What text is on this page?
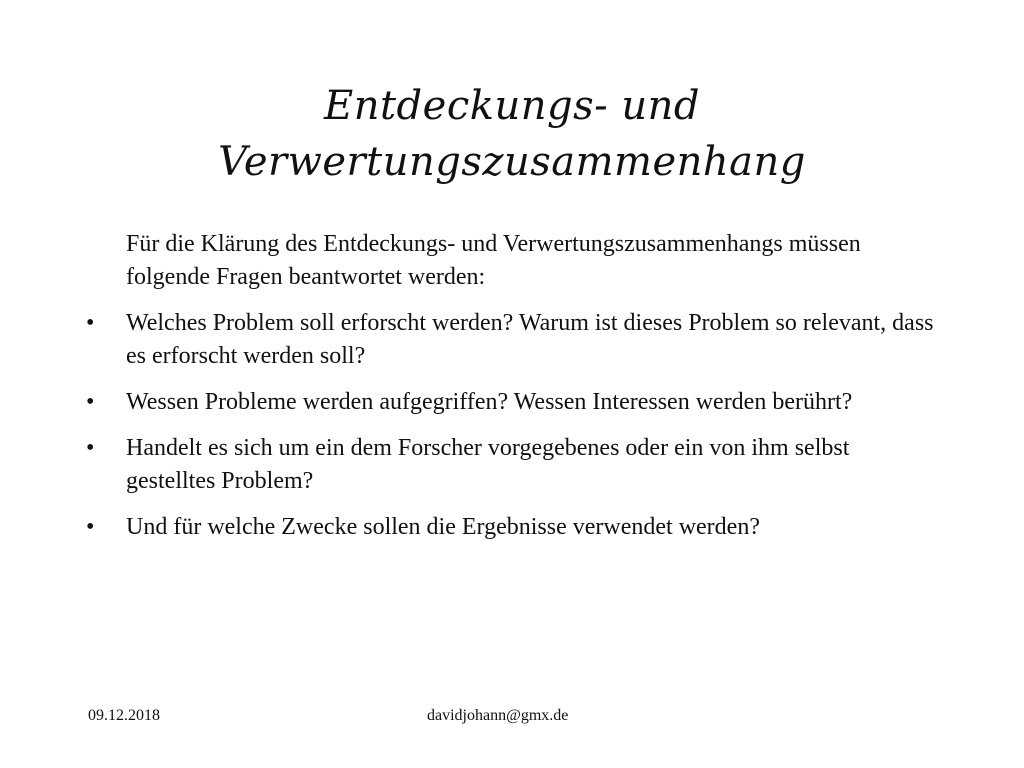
Entdeckungs- und
Verwertungszusammenhang
Für die Klärung des Entdeckungs- und Verwertungszusammenhangs müssen folgende Fragen beantwortet werden:
• Welches Problem soll erforscht werden? Warum ist dieses Problem so relevant, dass es erforscht werden soll?
• Wessen Probleme werden aufgegriffen? Wessen Interessen werden berührt?
• Handelt es sich um ein dem Forscher vorgegebenes oder ein von ihm selbst gestelltes Problem?
• Und für welche Zwecke sollen die Ergebnisse verwendet werden?
09.12.2018	davidjohann@gmx.de
